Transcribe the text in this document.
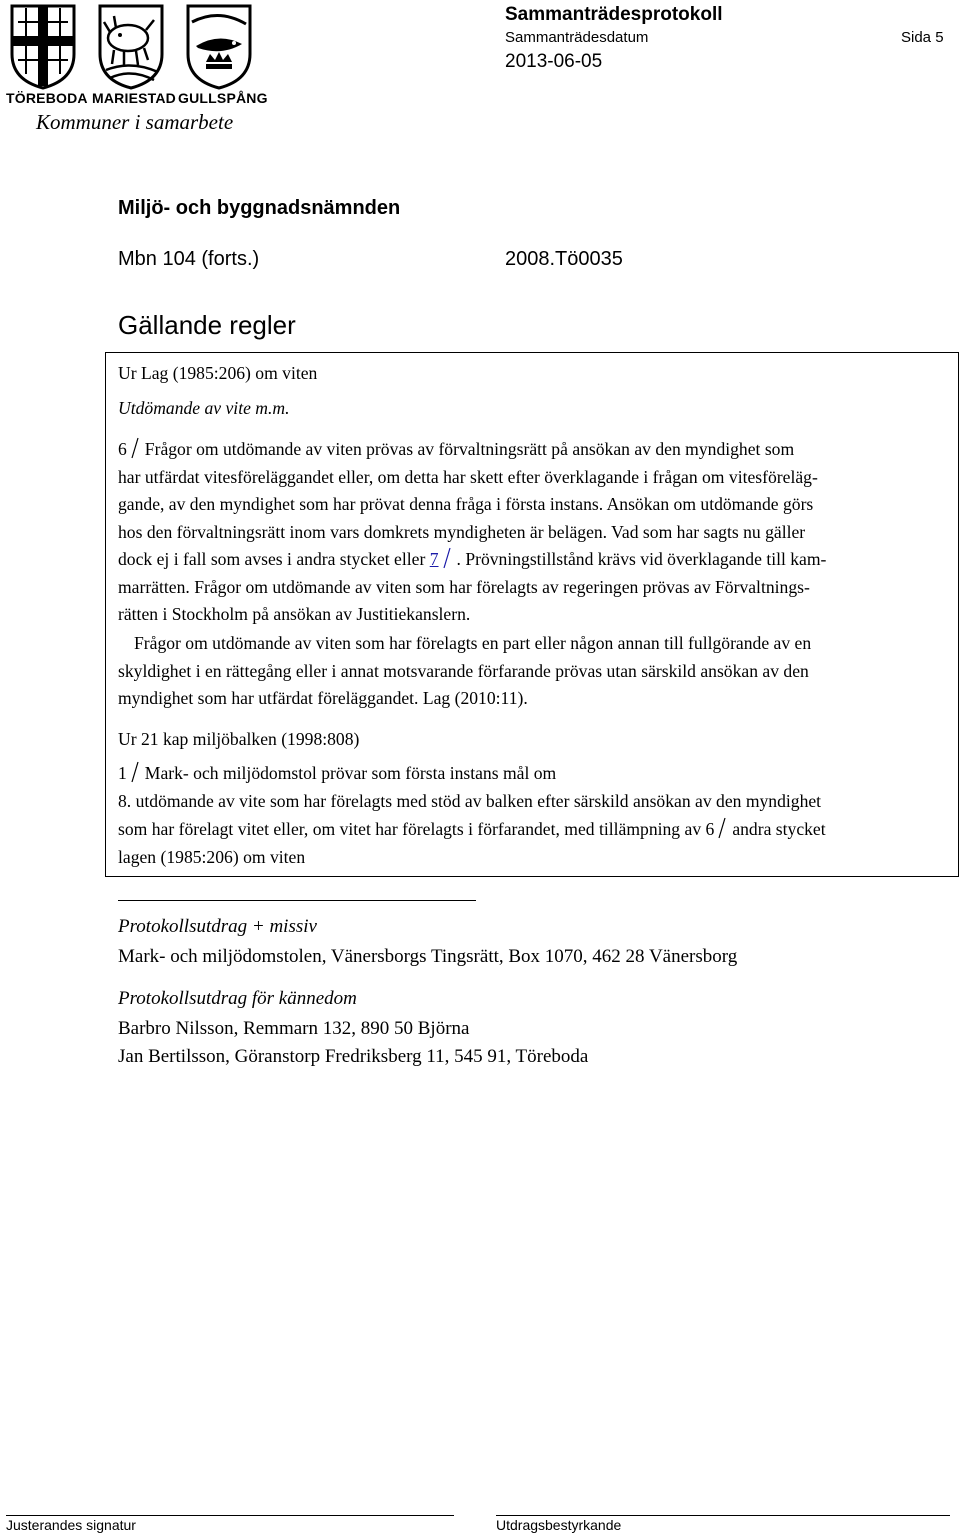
TÖREBODA MARIESTAD GULLSPÅNG
Kommuner i samarbete
Sammanträdesprotokoll
Sammanträdesdatum	Sida 5
2013-06-05
Miljö- och byggnadsnämnden
Mbn 104 (forts.)	2008.Tö0035
Gällande regler
Ur Lag (1985:206) om viten
Utdömande av vite m.m.
6 Frågor om utdömande av viten prövas av förvaltningsrätt på ansökan av den myndighet som
har utfärdat vitesföreläggandet eller, om detta har skett efter överklagande i frågan om vitesföreläg-
gande, av den myndighet som har prövat denna fråga i första instans. Ansökan om utdömande görs
hos den förvaltningsrätt inom vars domkrets myndigheten är belägen. Vad som har sagts nu gäller
dock ej i fall som avses i andra stycket eller 7 . Prövningstillstånd krävs vid överklagande till kam-
marrätten. Frågor om utdömande av viten som har förelagts av regeringen prövas av Förvaltnings-
rätten i Stockholm på ansökan av Justitiekanslern.
Frågor om utdömande av viten som har förelagts en part eller någon annan till fullgörande av en
skyldighet i en rättegång eller i annat motsvarande förfarande prövas utan särskild ansökan av den
myndighet som har utfärdat föreläggandet. Lag (2010:11).
Ur 21 kap miljöbalken (1998:808)
1 Mark- och miljödomstol prövar som första instans mål om
8. utdömande av vite som har förelagts med stöd av balken efter särskild ansökan av den myndighet
som har förelagt vitet eller, om vitet har förelagts i förfarandet, med tillämpning av 6 andra stycket
lagen (1985:206) om viten
Protokollsutdrag + missiv
Mark- och miljödomstolen, Vänersborgs Tingsrätt, Box 1070, 462 28 Vänersborg
Protokollsutdrag för kännedom
Barbro Nilsson, Remmarn 132, 890 50 Björna
Jan Bertilsson, Göranstorp Fredriksberg 11, 545 91, Töreboda
Justerandes signatur	Utdragsbestyrkande
